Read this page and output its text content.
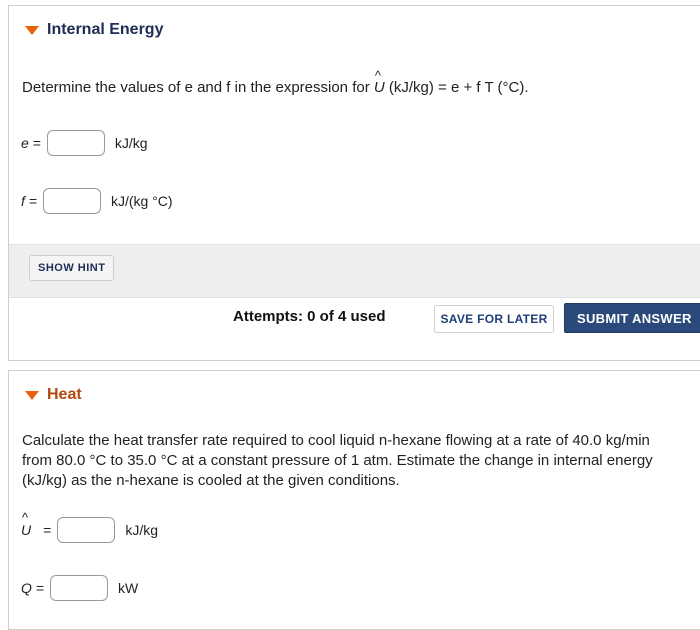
Internal Energy
Determine the values of e and f in the expression for ^ U (kJ/kg) = e + f T (°C).
e =	kJ/kg
f =	kJ/(kg °C)
SHOW HINT
Attempts: 0 of 4 used	SAVE FOR LATER	SUBMIT ANSWER
Heat
Calculate the heat transfer rate required to cool liquid n-hexane flowing at a rate of 40.0 kg/min from 80.0 °C to 35.0 °C at a constant pressure of 1 atm. Estimate the change in internal energy (kJ/kg) as the n-hexane is cooled at the given conditions.
^ U =	kJ/kg
Q =	kW
